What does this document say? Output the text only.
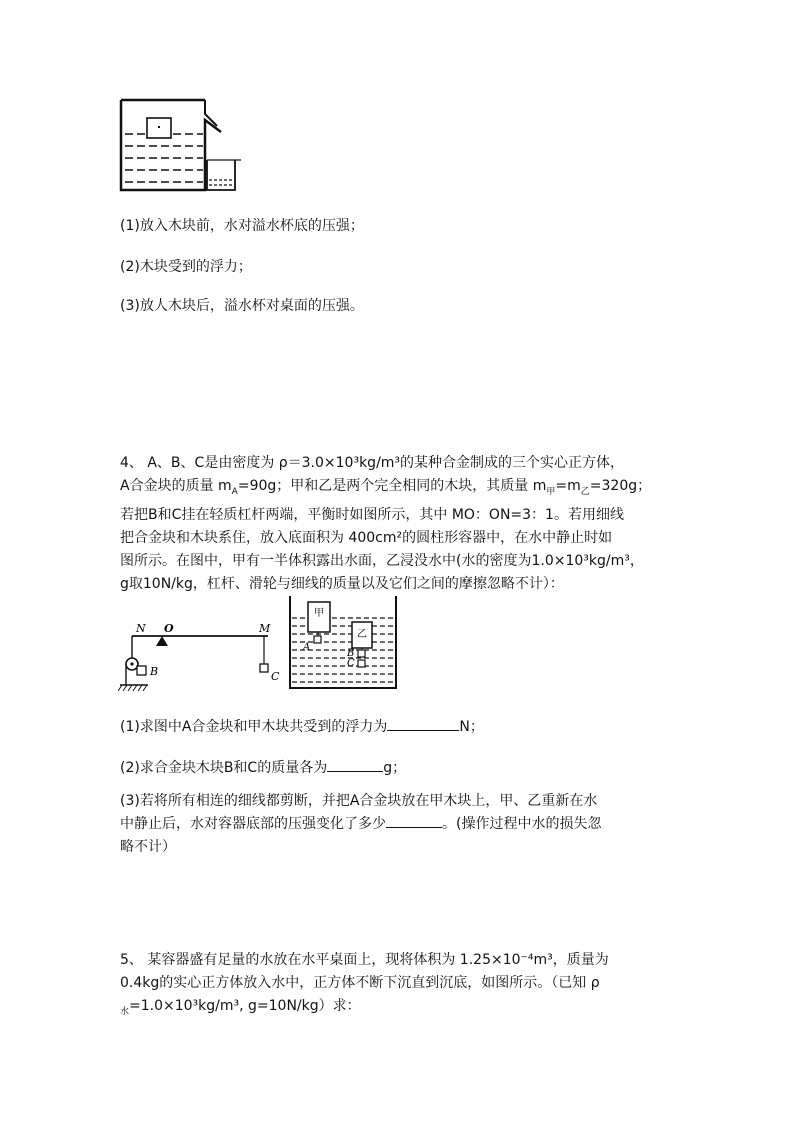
(1)放入木块前，水对溢水杯底的压强；
(2)木块受到的浮力；
(3)放人木块后，溢水杯对桌面的压强。
4、 A、B、C是由密度为 ρ＝3.0×10³kg/m³的某种合金制成的三个实心正方体，
A合金块的质量 $m_A=90g$；甲和乙是两个完全相同的木块，其质量 $m_甲=m_乙=320g$；
若把B和C挂在轻质杠杆两端，平衡时如图所示，其中 MO：ON=3：1。若用细线
把合金块和木块系住，放入底面积为 400cm²的圆柱形容器中，在水中静止时如
图所示。在图中，甲有一半体积露出水面，乙浸没水中(水的密度为1.0×10³kg/m³，
g取10N/kg，杠杆、滑轮与细线的质量以及它们之间的摩擦忽略不计）：
N O	M
B	C
甲
A
乙
B
C
(1)求图中A合金块和甲木块共受到的浮力为	N；
(2)求合金块木块B和C的质量各为	g；
(3)若将所有相连的细线都剪断，并把A合金块放在甲木块上，甲、乙重新在水
中静止后，水对容器底部的压强变化了多少	。(操作过程中水的损失忽
略不计）
5、 某容器盛有足量的水放在水平桌面上，现将体积为 1.25×10⁻⁴m³，质量为
0.4kg的实心正方体放入水中，正方体不断下沉直到沉底，如图所示。（已知 ρ
$_水$=1.0×10³kg/m³, g=10N/kg）求：
